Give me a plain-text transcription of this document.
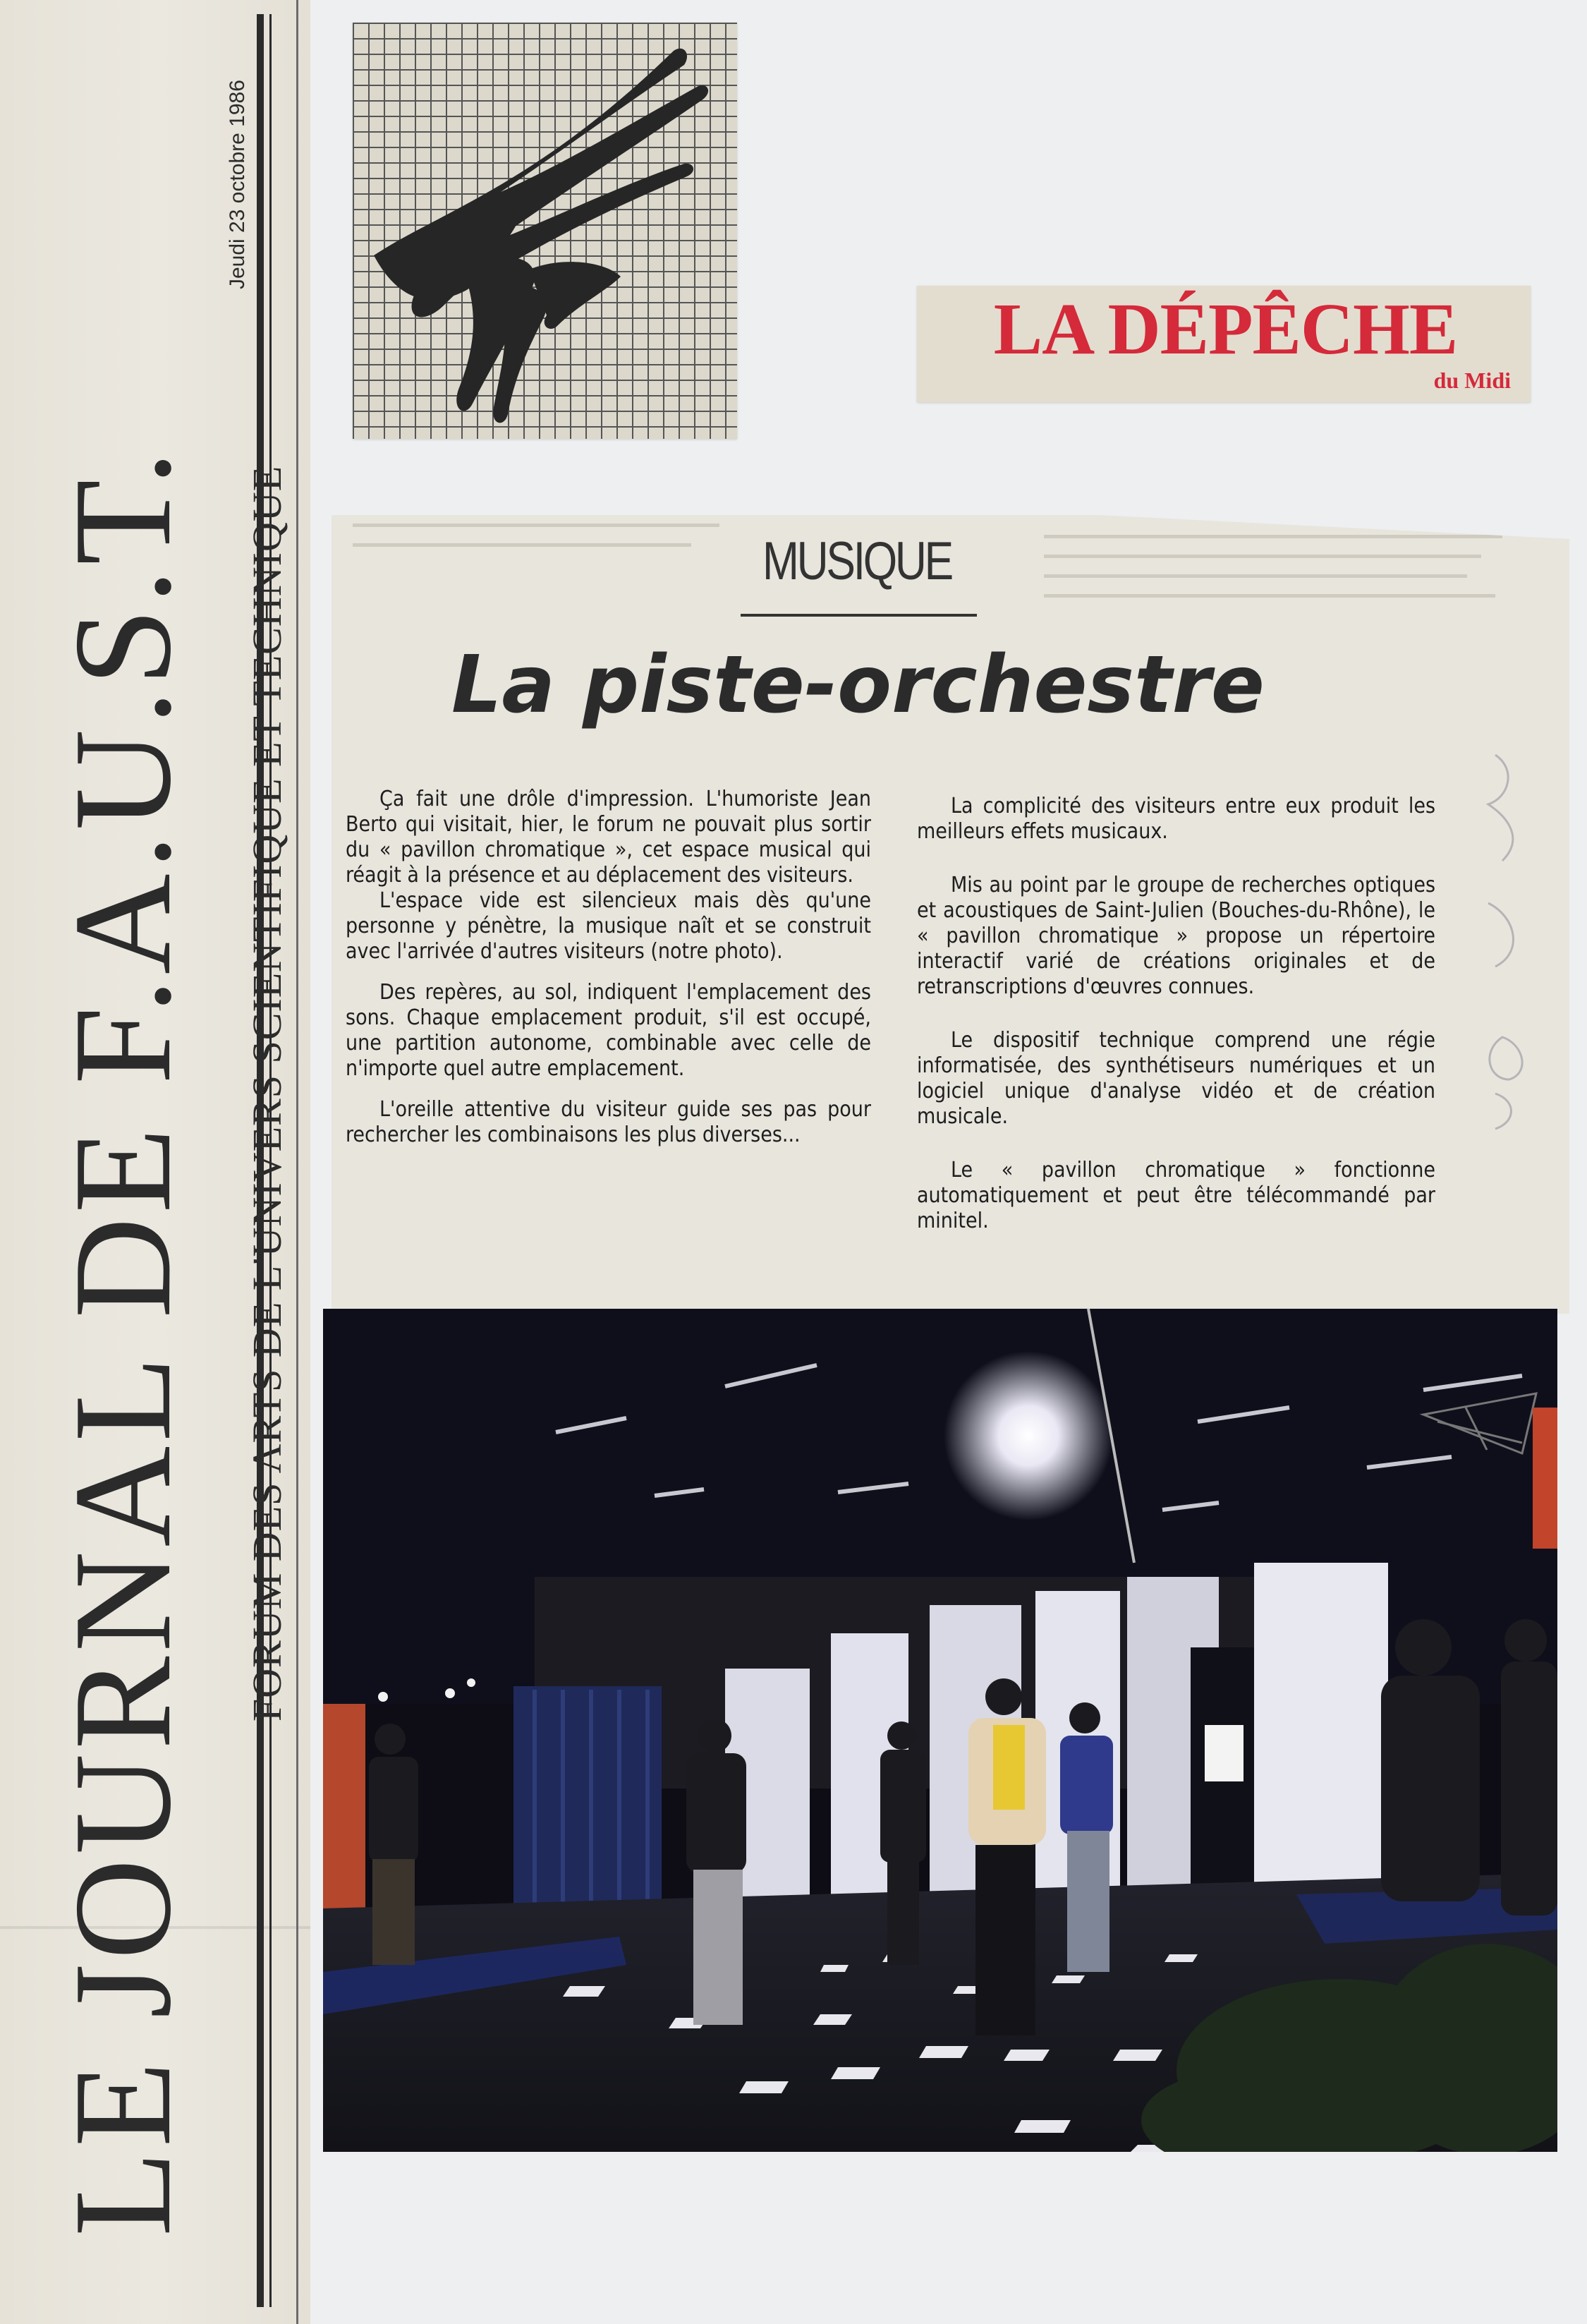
LE JOURNAL DE F.A.U.S.T. FORUM DES ARTS DE L'UNIVERS SCIENTIFIQUE ET TECHNIQUE
Jeudi 23 octobre 1986
LA DÉPÊCHE
du Midi
MUSIQUE
La piste-orchestre

Ça fait une drôle d'impression. L'humoriste Jean Berto qui visitait, hier, le forum ne pouvait plus sortir du « pavillon chromatique », cet espace musical qui réagit à la présence et au déplacement des visiteurs.

L'espace vide est silencieux mais dès qu'une personne y pénètre, la musique naît et se construit avec l'arrivée d'autres visiteurs (notre photo).

Des repères, au sol, indiquent l'emplacement des sons. Chaque emplacement produit, s'il est occupé, une partition autonome, combinable avec celle de n'importe quel autre emplacement.

L'oreille attentive du visiteur guide ses pas pour rechercher les combinaisons les plus diverses...

La complicité des visiteurs entre eux produit les meilleurs effets musicaux.

Mis au point par le groupe de recherches optiques et acoustiques de Saint-Julien (Bouches-du-Rhône), le « pavillon chromatique » propose un répertoire interactif varié de créations originales et de retranscriptions d'œuvres connues.

Le dispositif technique comprend une régie informatisée, des synthétiseurs numériques et un logiciel unique d'analyse vidéo et de création musicale.

Le « pavillon chromatique » fonctionne automatiquement et peut être télécommandé par minitel.
